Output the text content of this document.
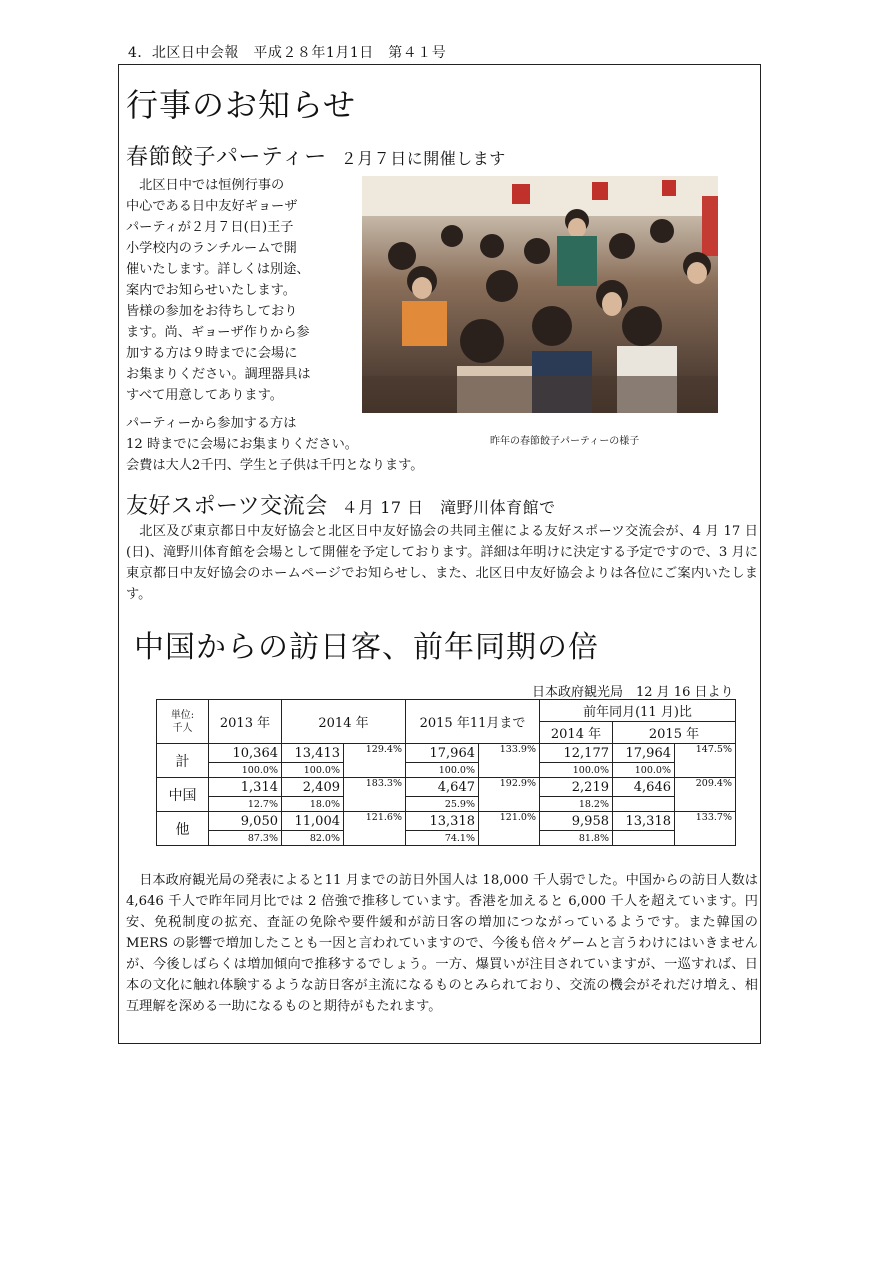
4．北区日中会報　平成２８年1月1日　第４１号
行事のお知らせ
春節餃子パーティー ２月７日に開催します
　北区日中では恒例行事の
中心である日中友好ギョーザ
パーティが２月７日(日)王子
小学校内のランチルームで開
催いたします。詳しくは別途、
案内でお知らせいたします。
皆様の参加をお待ちしており
ます。尚、ギョーザ作りから参
加する方は９時までに会場に
お集まりください。調理器具は
すべて用意してあります。
パーティーから参加する方は
12 時までに会場にお集まりください。
会費は大人2千円、学生と子供は千円となります。
昨年の春節餃子パーティーの様子
友好スポーツ交流会 ４月 17 日　滝野川体育館で
北区及び東京都日中友好協会と北区日中友好協会の共同主催による友好スポーツ交流会が、4 月 17 日(日)、滝野川体育館を会場として開催を予定しております。詳細は年明けに決定する予定ですので、3 月に東京都日中友好協会のホームページでお知らせし、また、北区日中友好協会よりは各位にご案内いたします。
中国からの訪日客、前年同期の倍
日本政府観光局　12 月 16 日より
単位:
千人	2013 年	2014 年		2015 年11月まで		前年同月(11 月)比		
						2014 年	2015 年	
計	10,364	13,413	129.4%	17,964	133.9%	12,177	17,964	147.5%
	100.0%	100.0%		100.0%		100.0%	100.0%	
中国	1,314	2,409	183.3%	4,647	192.9%	2,219	4,646	209.4%
	12.7%	18.0%		25.9%		18.2%		
他	9,050	11,004	121.6%	13,318	121.0%	9,958	13,318	133.7%
	87.3%	82.0%		74.1%		81.8%		
日本政府観光局の発表によると11 月までの訪日外国人は 18,000 千人弱でした。中国からの訪日人数は 4,646 千人で昨年同月比では 2 倍強で推移しています。香港を加えると 6,000 千人を超えています。円安、免税制度の拡充、査証の免除や要件緩和が訪日客の増加につながっているようです。また韓国の MERS の影響で増加したことも一因と言われていますので、今後も倍々ゲームと言うわけにはいきませんが、今後しばらくは増加傾向で推移するでしょう。一方、爆買いが注目されていますが、一巡すれば、日本の文化に触れ体験するような訪日客が主流になるものとみられており、交流の機会がそれだけ増え、相互理解を深める一助になるものと期待がもたれます。
